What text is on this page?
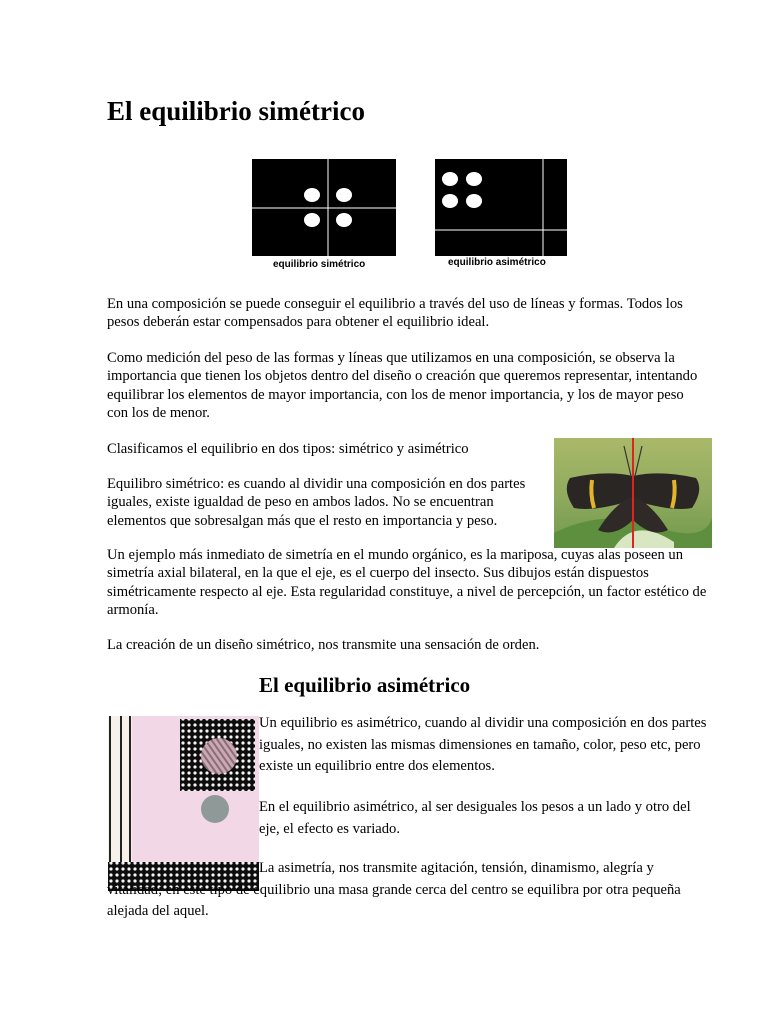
El equilibrio simétrico
equilibrio simétrico	equilibrio asimétrico

En una composición se puede conseguir el equilibrio a través del uso de líneas y formas. Todos los pesos deberán estar compensados para obtener el equilibrio ideal.

Como medición del peso de las formas y líneas que utilizamos en una composición, se observa la importancia que tienen los objetos dentro del diseño o creación que queremos representar, intentando equilibrar los elementos de mayor importancia, con los de menor importancia, y los de mayor peso con los de menor.

Clasificamos el equilibrio en dos tipos: simétrico y asimétrico

Equilibro simétrico: es cuando al dividir una composición en dos partes iguales, existe igualdad de peso en ambos lados. No se encuentran elementos que sobresalgan más que el resto en importancia y peso.

Un ejemplo más inmediato de simetría en el mundo orgánico, es la mariposa, cuyas alas poseen un simetría axial bilateral, en la que el eje, es el cuerpo del insecto. Sus dibujos están dispuestos simétricamente respecto al eje. Esta regularidad constituye, a nivel de percepción, un factor estético de armonía.

La creación de un diseño simétrico, nos transmite una sensación de orden.

El equilibrio asimétrico

Un equilibrio es asimétrico, cuando al dividir una composición en dos partes iguales, no existen las mismas dimensiones en tamaño, color, peso etc, pero existe un equilibrio entre dos elementos.

En el equilibrio asimétrico, al ser desiguales los pesos a un lado y otro del eje, el efecto es variado.

La asimetría, nos transmite agitación, tensión, dinamismo, alegría y vitalidad; en este tipo de equilibrio una masa grande cerca del centro se equilibra por otra pequeña alejada del aquel.
